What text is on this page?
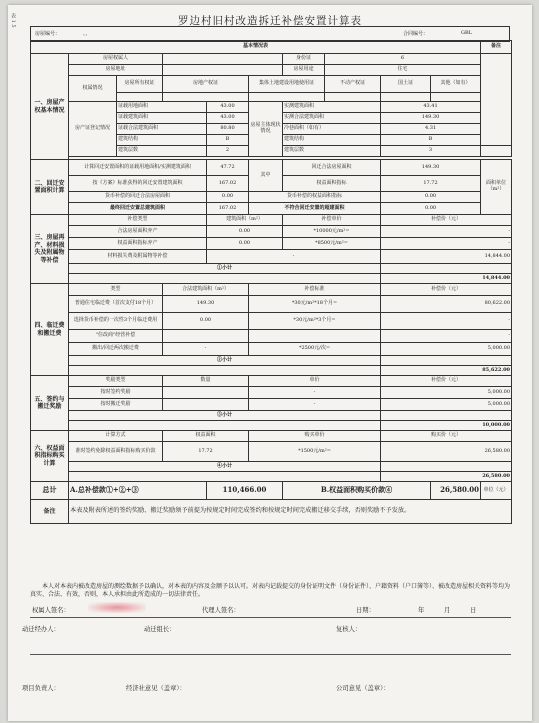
表 1 5	罗边村旧村改造拆迁补偿安置计算表
房屋编号：	、、	合同编号：	GBL
基本情况表										备注
一、房屋产权基本情况	房屋权属人					身份证	6			
	房屋地址					房屋用途	住宅			
	权属情况	房屋所有权证	房地产权证		集体土地建设用地使用证		不动产权证	国土证	其他（如有）	

	房产证登记情况	证载用地面积		43.00	房屋主体现状情况	实测建筑面积		43.41		
		证载建筑面积		43.00		实测合法建筑面积		149.30		
		证载合法建筑面积		80.80		冷巷面积（如有）		4.31		
		建筑结构		B		建筑结构		B		
		建筑层数		2		建筑层数		3		

二、回迁安置面积计算	计算回迁安置面积的证载用地面积/实测建筑面积			47.72	其中	回迁合法房屋面积		149.30		面积单位（m²）
	按《方案》标准获得的回迁安置建筑面积			167.02		权益面积指标		17.72		
	货币补偿的回迁合法房屋面积			0.00	货币补偿的权益面积指标			0.00		
	最终回迁安置总建筑面积			167.02	不符合回迁安置的超建面积			0.00		
三、房屋再产、材料损失及附属物等补偿	补偿类型			建筑面积（m²）		补偿单价		补偿价（元）		
	合法房屋面积弃产			0.00		*10000元/m²=		-		
	权益面积指标弃产			0.00		*8500元/m²=		-		
	材料损失费及附属物等补偿			-				14,844.00		
	①小计									
								14,844.00		
四、临迁费和搬迁费	类型		合法建筑面积（m²）		补偿标准			补偿价（元）		
	普通住宅临迁费（首次支付18个月）		149.30		*30元/m²*18个月=			80,622.00		
	选择货币补偿的一次性3个月临迁费用		0.00		*30元/m²*3个月=			-		
	"住改商"经营补偿							-		
	搬出/回迁两次搬迁费		-		*2500元/次=			5,000.00		
	②小计									
								85,622.00		
五、签约与搬迁奖励	奖励类型		数量		单价			补偿价（元）		
	按时签约奖励				-			5,000.00		
	按时搬迁奖励				-			5,000.00		
	③小计									
								10,000.00		
六、权益面积指标购买计算	计算方式		权益面积		购买单价			购买价（元）		
	准时签约免除权益面积指标购买价款		17.72		*1500元/m²=			26,580.00		
	④小计									
								26,580.00		
总计	A.总补偿款①+②+③			110,466.00		B.权益面积购买价款④			26,580.00	单位（元）
备注	本表及附表所述的签约奖励、搬迁奖励须予前提为按规定时间完成签约和按规定时间完成搬迁移交手续，否则奖励不予发放。									
本人对本表内被改造房屋的测绘数据予以确认，对本表的内容及金额予以认可。对表内记载提交的身份证明文件（身份证件）、户籍资料（户口簿等）、被改造房屋相关资料等均为真实、合法、有效，否则，本人承担由此所造成的一切法律责任。
权属人签名：	代理人签名：	日期：	年	月	日
动迁经办人：	动迁组长：	复核人：
项目负责人：	经济社意见（盖章）：	公司意见（盖章）：
